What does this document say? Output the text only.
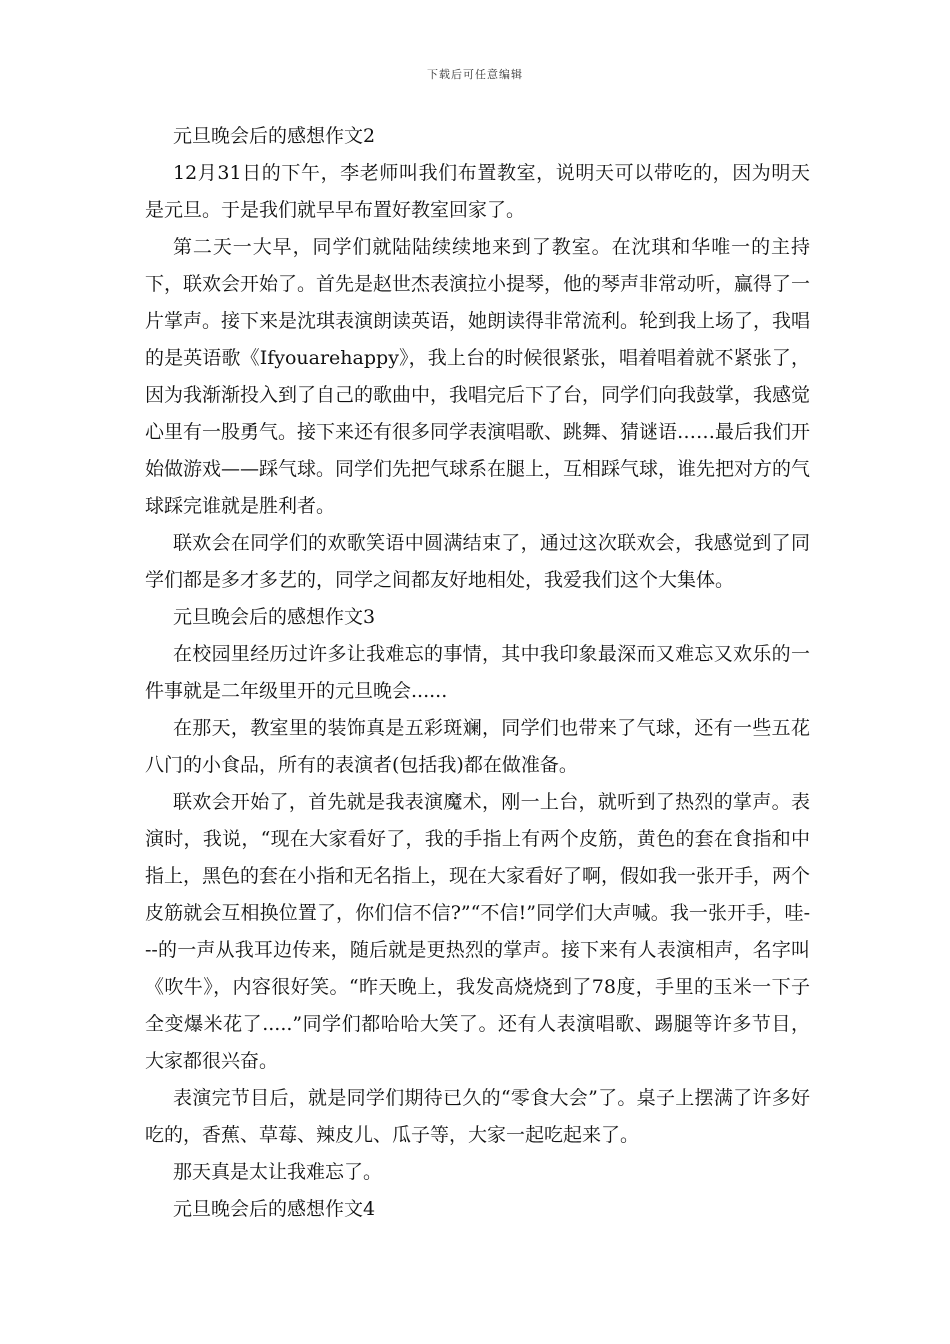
下载后可任意编辑

元旦晚会后的感想作文2

12月31日的下午，李老师叫我们布置教室，说明天可以带吃的，因为明天是元旦。于是我们就早早布置好教室回家了。

第二天一大早，同学们就陆陆续续地来到了教室。在沈琪和华唯一的主持下，联欢会开始了。首先是赵世杰表演拉小提琴，他的琴声非常动听，赢得了一片掌声。接下来是沈琪表演朗读英语，她朗读得非常流利。轮到我上场了，我唱的是英语歌《Ifyouarehappy》，我上台的时候很紧张，唱着唱着就不紧张了，因为我渐渐投入到了自己的歌曲中，我唱完后下了台，同学们向我鼓掌，我感觉心里有一股勇气。接下来还有很多同学表演唱歌、跳舞、猜谜语……最后我们开始做游戏——踩气球。同学们先把气球系在腿上，互相踩气球，谁先把对方的气球踩完谁就是胜利者。

联欢会在同学们的欢歌笑语中圆满结束了，通过这次联欢会，我感觉到了同学们都是多才多艺的，同学之间都友好地相处，我爱我们这个大集体。

元旦晚会后的感想作文3

在校园里经历过许多让我难忘的事情，其中我印象最深而又难忘又欢乐的一件事就是二年级里开的元旦晚会......

在那天，教室里的装饰真是五彩斑斓，同学们也带来了气球，还有一些五花八门的小食品，所有的表演者(包括我)都在做准备。

联欢会开始了，首先就是我表演魔术，刚一上台，就听到了热烈的掌声。表演时，我说，“现在大家看好了，我的手指上有两个皮筋，黄色的套在食指和中指上，黑色的套在小指和无名指上，现在大家看好了啊，假如我一张开手，两个皮筋就会互相换位置了，你们信不信?”“不信!”同学们大声喊。我一张开手，哇---的一声从我耳边传来，随后就是更热烈的掌声。接下来有人表演相声，名字叫《吹牛》，内容很好笑。“昨天晚上，我发高烧烧到了78度，手里的玉米一下子全变爆米花了.....”同学们都哈哈大笑了。还有人表演唱歌、踢腿等许多节目，大家都很兴奋。

表演完节目后，就是同学们期待已久的“零食大会”了。桌子上摆满了许多好吃的，香蕉、草莓、辣皮儿、瓜子等，大家一起吃起来了。

那天真是太让我难忘了。

元旦晚会后的感想作文4
